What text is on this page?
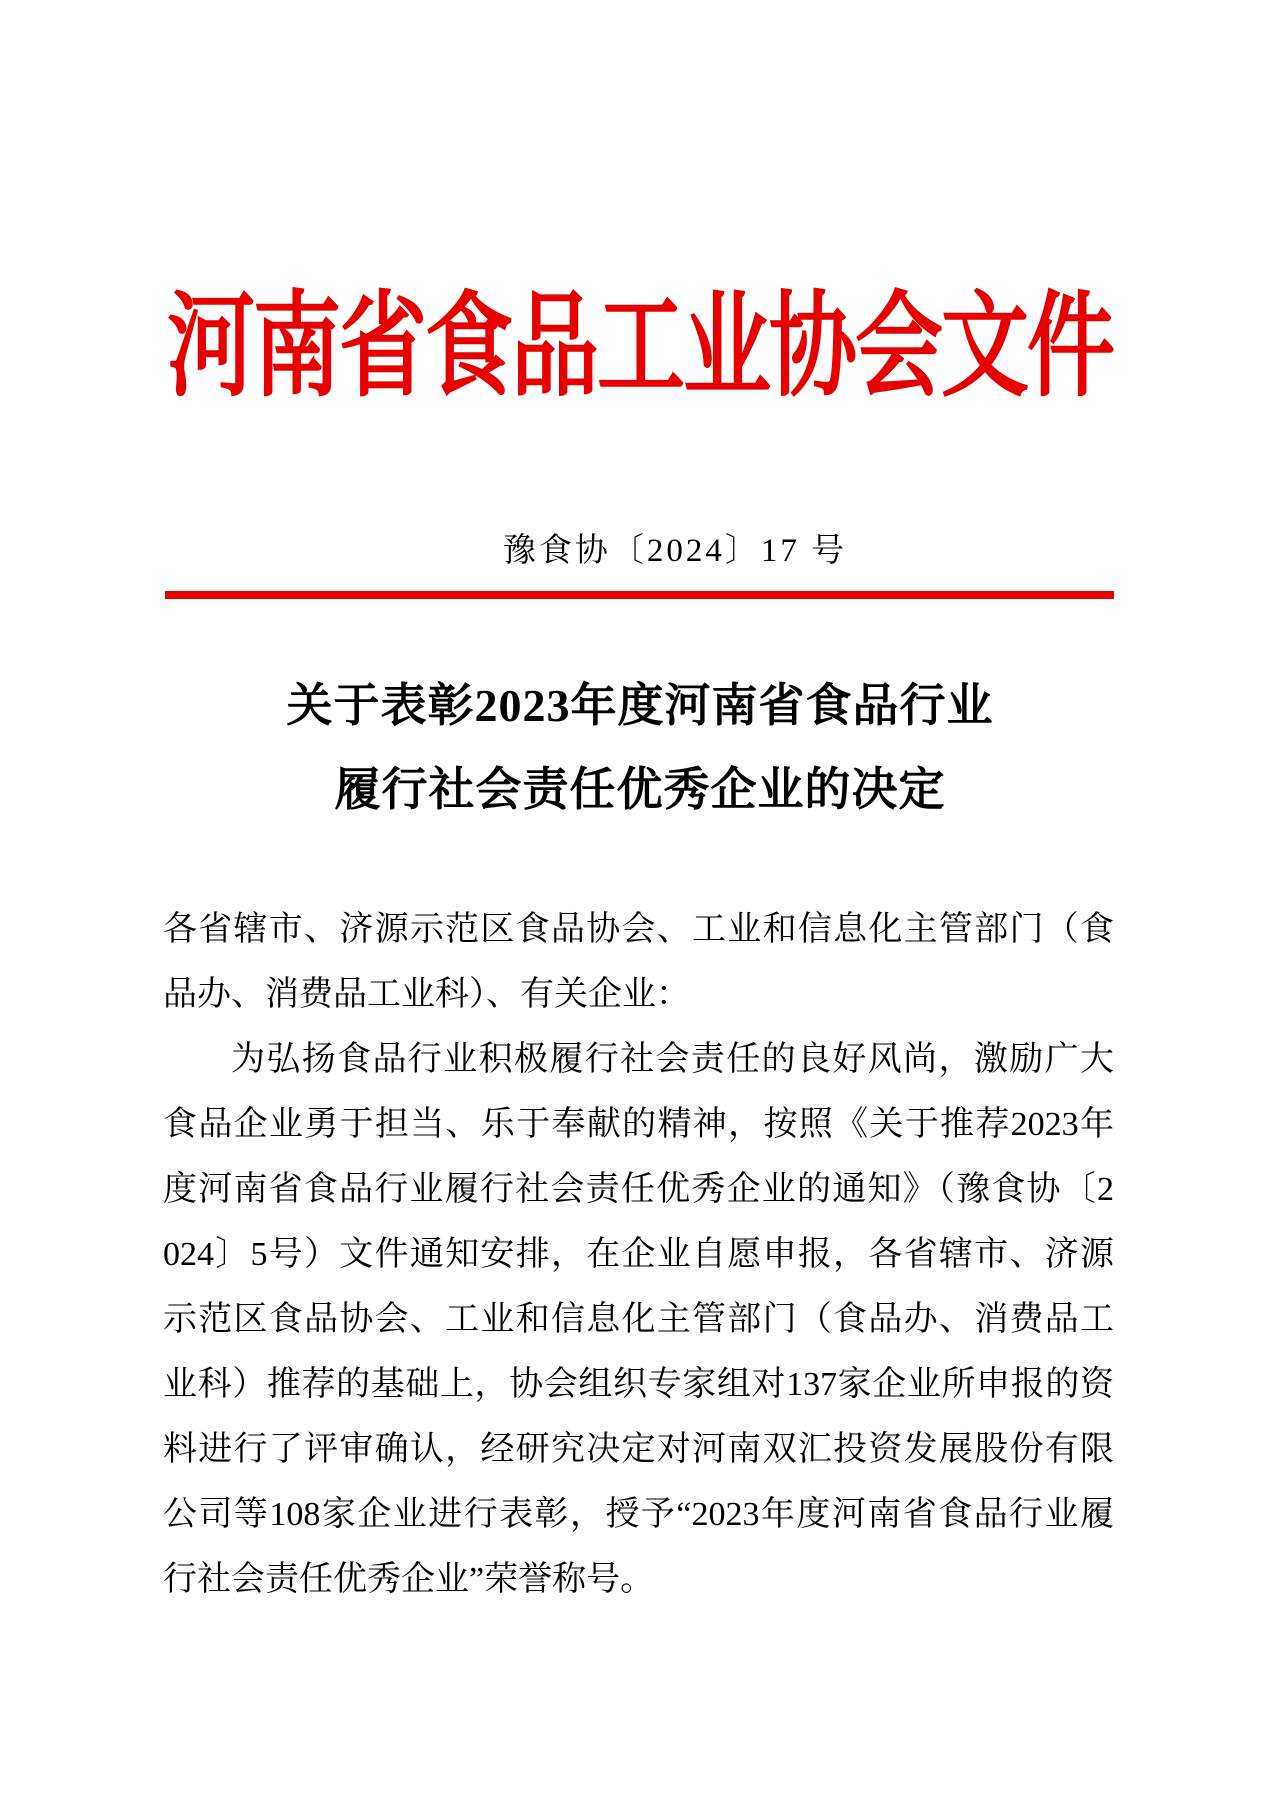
河南省食品工业协会文件
豫食协〔2024〕17 号
关于表彰2023年度河南省食品行业
履行社会责任优秀企业的决定
各省辖市、济源示范区食品协会、工业和信息化主管部门（食
品办、消费品工业科）、有关企业：
为弘扬食品行业积极履行社会责任的良好风尚，激励广大
食品企业勇于担当、乐于奉献的精神，按照《关于推荐2023年
度河南省食品行业履行社会责任优秀企业的通知》（豫食协〔2
024〕5号）文件通知安排，在企业自愿申报，各省辖市、济源
示范区食品协会、工业和信息化主管部门（食品办、消费品工
业科）推荐的基础上，协会组织专家组对137家企业所申报的资
料进行了评审确认，经研究决定对河南双汇投资发展股份有限
公司等108家企业进行表彰，授予“2023年度河南省食品行业履
行社会责任优秀企业”荣誉称号。
